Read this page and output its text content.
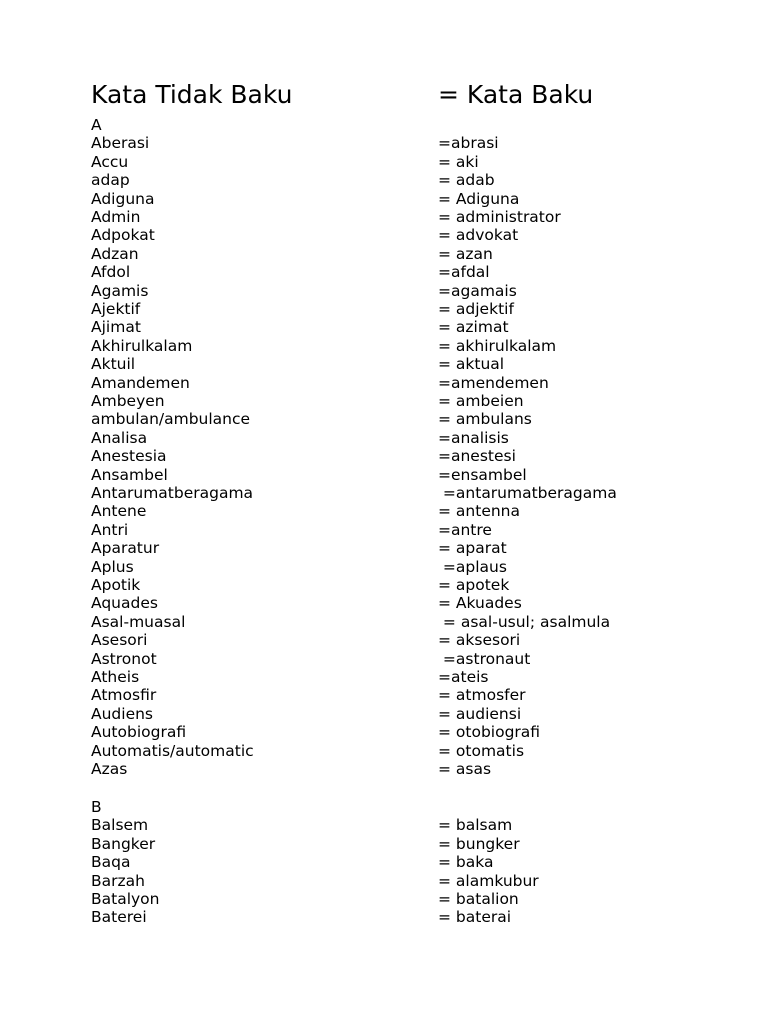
Kata Tidak Baku	= Kata Baku
A
Aberasi	=abrasi
Accu	= aki
adap	= adab
Adiguna	= Adiguna
Admin	= administrator
Adpokat	= advokat
Adzan	= azan
Afdol	=afdal
Agamis	=agamais
Ajektif	= adjektif
Ajimat	= azimat
Akhirulkalam	= akhirulkalam
Aktuil	= aktual
Amandemen	=amendemen
Ambeyen	= ambeien
ambulan/ambulance	= ambulans
Analisa	=analisis
Anestesia	=anestesi
Ansambel	=ensambel
Antarumatberagama	=antarumatberagama
Antene	= antenna
Antri	=antre
Aparatur	= aparat
Aplus	=aplaus
Apotik	= apotek
Aquades	= Akuades
Asal-muasal	= asal-usul; asalmula
Asesori	= aksesori
Astronot	=astronaut
Atheis	=ateis
Atmosfir	= atmosfer
Audiens	= audiensi
Autobiografi	= otobiografi
Automatis/automatic	= otomatis
Azas	= asas
B
Balsem	= balsam
Bangker	= bungker
Baqa	= baka
Barzah	= alamkubur
Batalyon	= batalion
Baterei	= baterai
